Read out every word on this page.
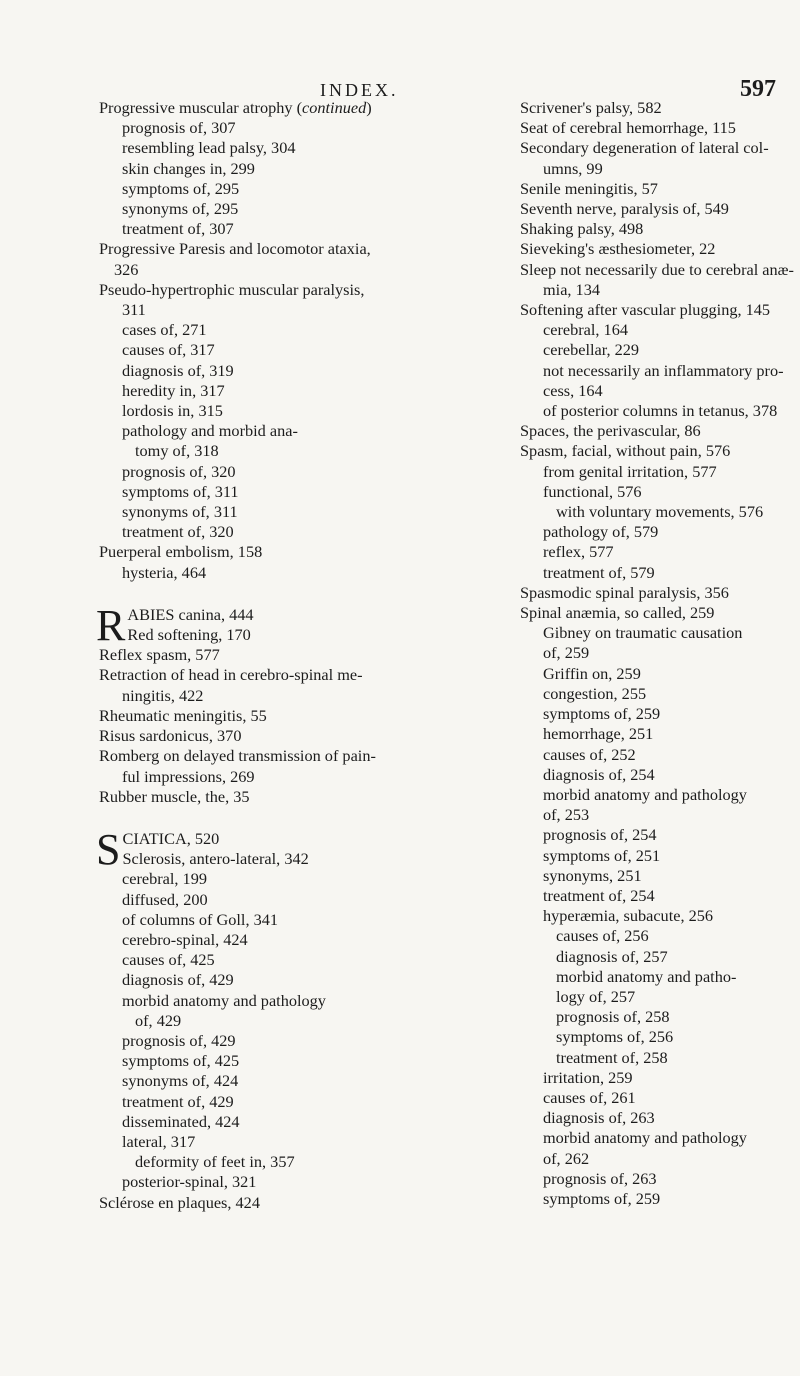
INDEX.	597
Progressive muscular atrophy (continued)
prognosis of, 307
resembling lead palsy, 304
skin changes in, 299
symptoms of, 295
synonyms of, 295
treatment of, 307
Progressive Paresis and locomotor ataxia,
326
Pseudo-hypertrophic muscular paralysis,
311
cases of, 271
causes of, 317
diagnosis of, 319
heredity in, 317
lordosis in, 315
pathology and morbid ana-
tomy of, 318
prognosis of, 320
symptoms of, 311
synonyms of, 311
treatment of, 320
Puerperal embolism, 158
hysteria, 464
R ABIES canina, 444
Red softening, 170
Reflex spasm, 577
Retraction of head in cerebro-spinal me-
ningitis, 422
Rheumatic meningitis, 55
Risus sardonicus, 370
Romberg on delayed transmission of pain-
ful impressions, 269
Rubber muscle, the, 35
S CIATICA, 520
Sclerosis, antero-lateral, 342
cerebral, 199
diffused, 200
of columns of Goll, 341
cerebro-spinal, 424
causes of, 425
diagnosis of, 429
morbid anatomy and pathology
of, 429
prognosis of, 429
symptoms of, 425
synonyms of, 424
treatment of, 429
disseminated, 424
lateral, 317
deformity of feet in, 357
posterior-spinal, 321
Sclérose en plaques, 424
Scrivener's palsy, 582
Seat of cerebral hemorrhage, 115
Secondary degeneration of lateral col-
umns, 99
Senile meningitis, 57
Seventh nerve, paralysis of, 549
Shaking palsy, 498
Sieveking's æsthesiometer, 22
Sleep not necessarily due to cerebral anæ-
mia, 134
Softening after vascular plugging, 145
cerebral, 164
cerebellar, 229
not necessarily an inflammatory pro-
cess, 164
of posterior columns in tetanus, 378
Spaces, the perivascular, 86
Spasm, facial, without pain, 576
from genital irritation, 577
functional, 576
with voluntary movements, 576
pathology of, 579
reflex, 577
treatment of, 579
Spasmodic spinal paralysis, 356
Spinal anæmia, so called, 259
Gibney on traumatic causation
of, 259
Griffin on, 259
congestion, 255
symptoms of, 259
hemorrhage, 251
causes of, 252
diagnosis of, 254
morbid anatomy and pathology
of, 253
prognosis of, 254
symptoms of, 251
synonyms, 251
treatment of, 254
hyperæmia, subacute, 256
causes of, 256
diagnosis of, 257
morbid anatomy and patho-
logy of, 257
prognosis of, 258
symptoms of, 256
treatment of, 258
irritation, 259
causes of, 261
diagnosis of, 263
morbid anatomy and pathology
of, 262
prognosis of, 263
symptoms of, 259
